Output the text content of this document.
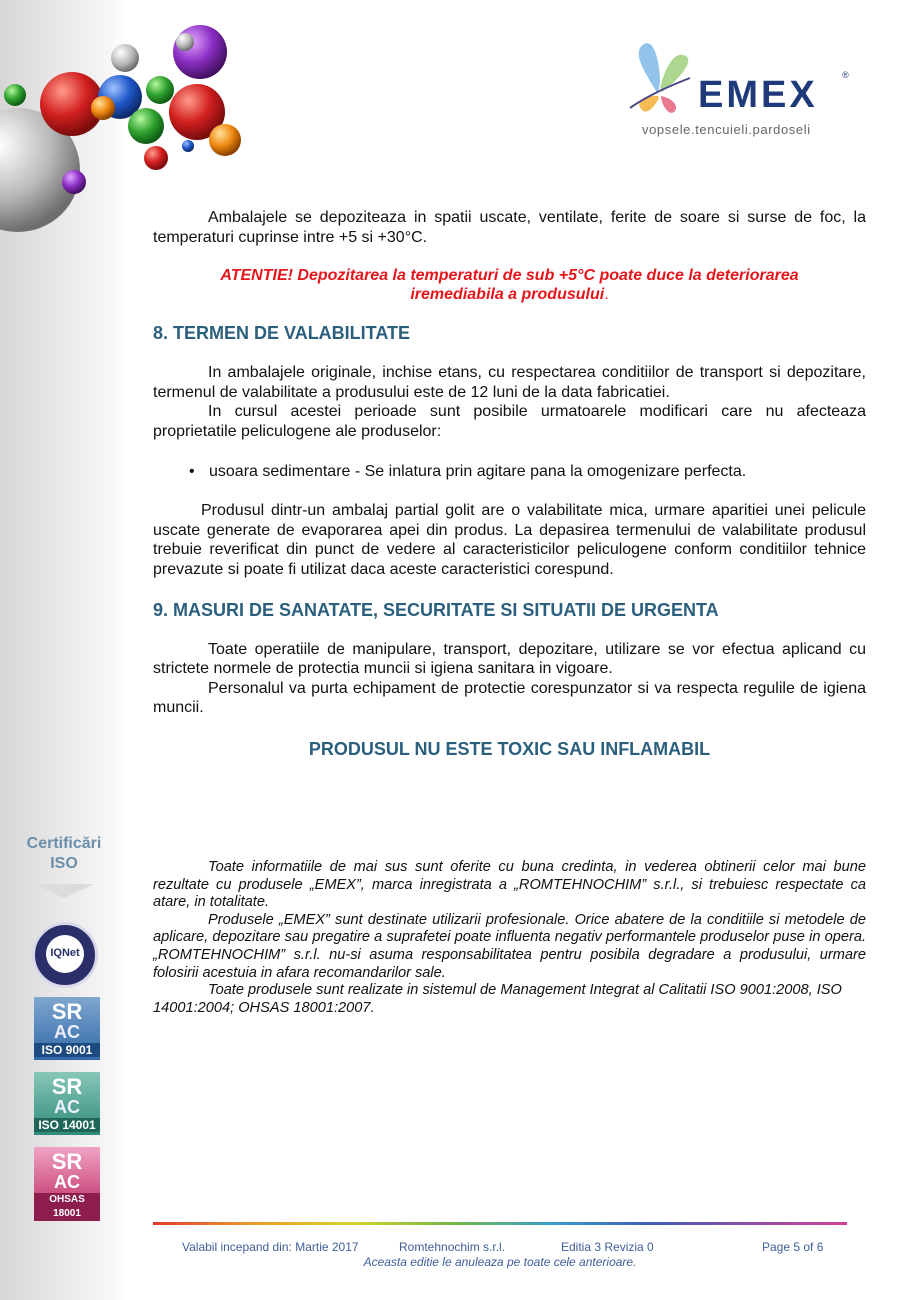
EMEX	®
vopsele.tencuieli.pardoseli

Ambalajele se depoziteaza in spatii uscate, ventilate, ferite de soare si surse de foc, la temperaturi cuprinse intre +5 si +30°C.

ATENTIE! Depozitarea la temperaturi de sub +5°C poate duce la deteriorarea
iremediabila a produsului.

8. TERMEN DE VALABILITATE

In ambalajele originale, inchise etans, cu respectarea conditiilor de transport si depozitare, termenul de valabilitate a produsului este de 12 luni de la data fabricatiei.

In cursul acestei perioade sunt posibile urmatoarele modificari care nu afecteaza proprietatile peliculogene ale produselor:

• usoara sedimentare - Se inlatura prin agitare pana la omogenizare perfecta.

Produsul dintr-un ambalaj partial golit are o valabilitate mica, urmare aparitiei unei pelicule uscate generate de evaporarea apei din produs. La depasirea termenului de valabilitate produsul trebuie reverificat din punct de vedere al caracteristicilor peliculogene conform conditiilor tehnice prevazute si poate fi utilizat daca aceste caracteristici corespund.

9. MASURI DE SANATATE, SECURITATE SI SITUATII DE URGENTA

Toate operatiile de manipulare, transport, depozitare, utilizare se vor efectua aplicand cu strictete normele de protectia muncii si igiena sanitara in vigoare.

Personalul va purta echipament de protectie corespunzator si va respecta regulile de igiena muncii.

PRODUSUL NU ESTE TOXIC SAU INFLAMABIL

Toate informatiile de mai sus sunt oferite cu buna credinta, in vederea obtinerii celor mai bune rezultate cu produsele „EMEX”, marca inregistrata a „ROMTEHNOCHIM” s.r.l., si trebuiesc respectate ca atare, in totalitate.

Produsele „EMEX” sunt destinate utilizarii profesionale. Orice abatere de la conditiile si metodele de aplicare, depozitare sau pregatire a suprafetei poate influenta negativ performantele produselor puse in opera. „ROMTEHNOCHIM” s.r.l. nu-si asuma responsabilitatea pentru posibila degradare a produsului, urmare folosirii acestuia in afara recomandarilor sale.

Toate produsele sunt realizate in sistemul de Management Integrat al Calitatii ISO 9001:2008, ISO 14001:2004; OHSAS 18001:2007.

Certificări
ISO
IQNet
SR
AC
ISO 9001
SR
AC
ISO 14001
SR
AC
OHSAS 18001
Valabil incepand din: Martie 2017	Romtehnochim s.r.l.	Editia 3 Revizia 0	Page 5 of 6
Aceasta editie le anuleaza pe toate cele anterioare.
